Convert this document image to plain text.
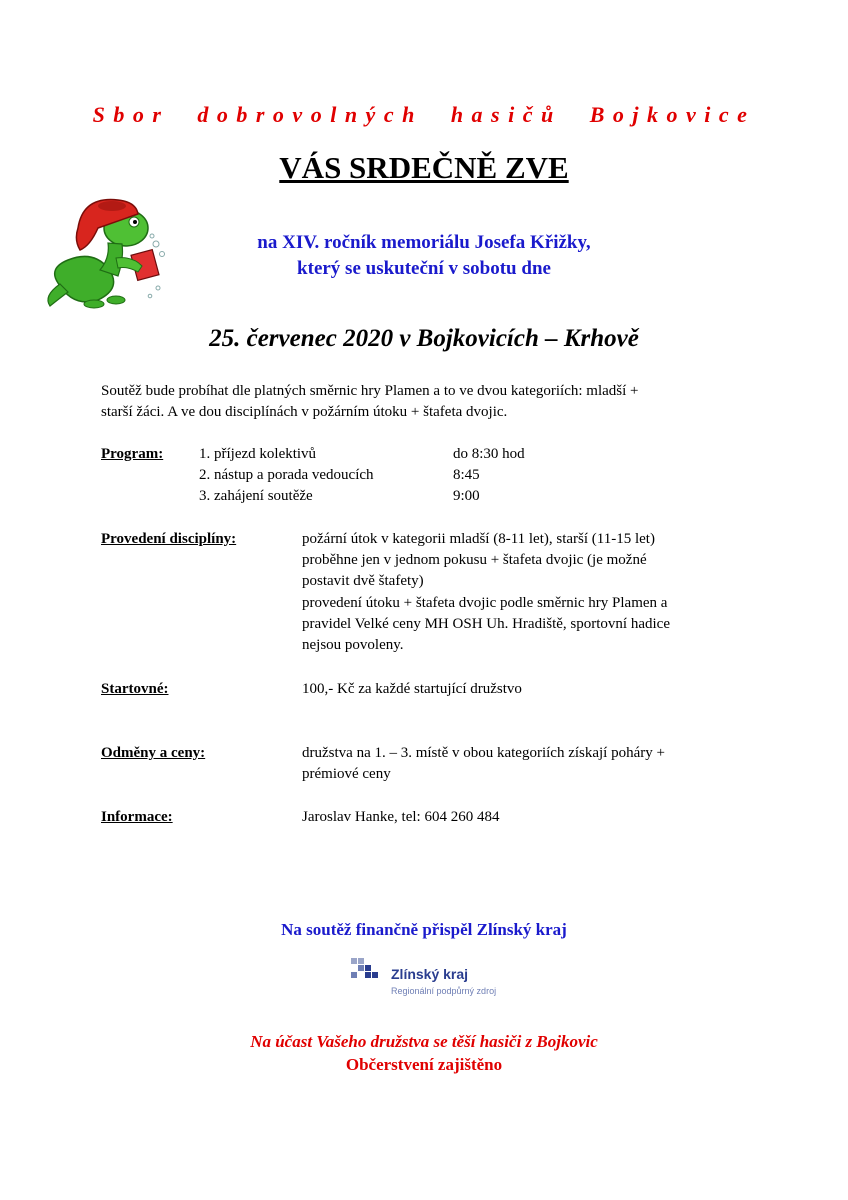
Sbor dobrovolných hasičů Bojkovice
VÁS SRDEČNĚ ZVE
na XIV. ročník memoriálu Josefa Křižky,
který se uskuteční v sobotu dne
25. červenec 2020 v Bojkovicích – Krhově
Soutěž bude probíhat dle platných směrnic hry Plamen a to ve dvou kategoriích: mladší +
starší žáci. A ve dou disciplínách v požárním útoku + štafeta dvojic.
Program: 1. příjezd kolektivů	do 8:30 hod
2. nástup a porada vedoucích	8:45
3. zahájení soutěže	9:00
Provedení disciplíny:	požární útok v kategorii mladší (8-11 let), starší (11-15 let)
proběhne jen v jednom pokusu + štafeta dvojic (je možné
postavit dvě štafety)
provedení útoku + štafeta dvojic podle směrnic hry Plamen a
pravidel Velké ceny MH OSH Uh. Hradiště, sportovní hadice
nejsou povoleny.
Startovné:	100,- Kč za každé startující družstvo
Odměny a ceny:	družstva na 1. – 3. místě v obou kategoriích získají poháry +
prémiové ceny
Informace:	Jaroslav Hanke, tel: 604 260 484
Na soutěž finančně přispěl Zlínský kraj
Zlínský kraj
Regionální podpůrný zdroj
Na účast Vašeho družstva se těší hasiči z Bojkovic
Občerstvení zajištěno
